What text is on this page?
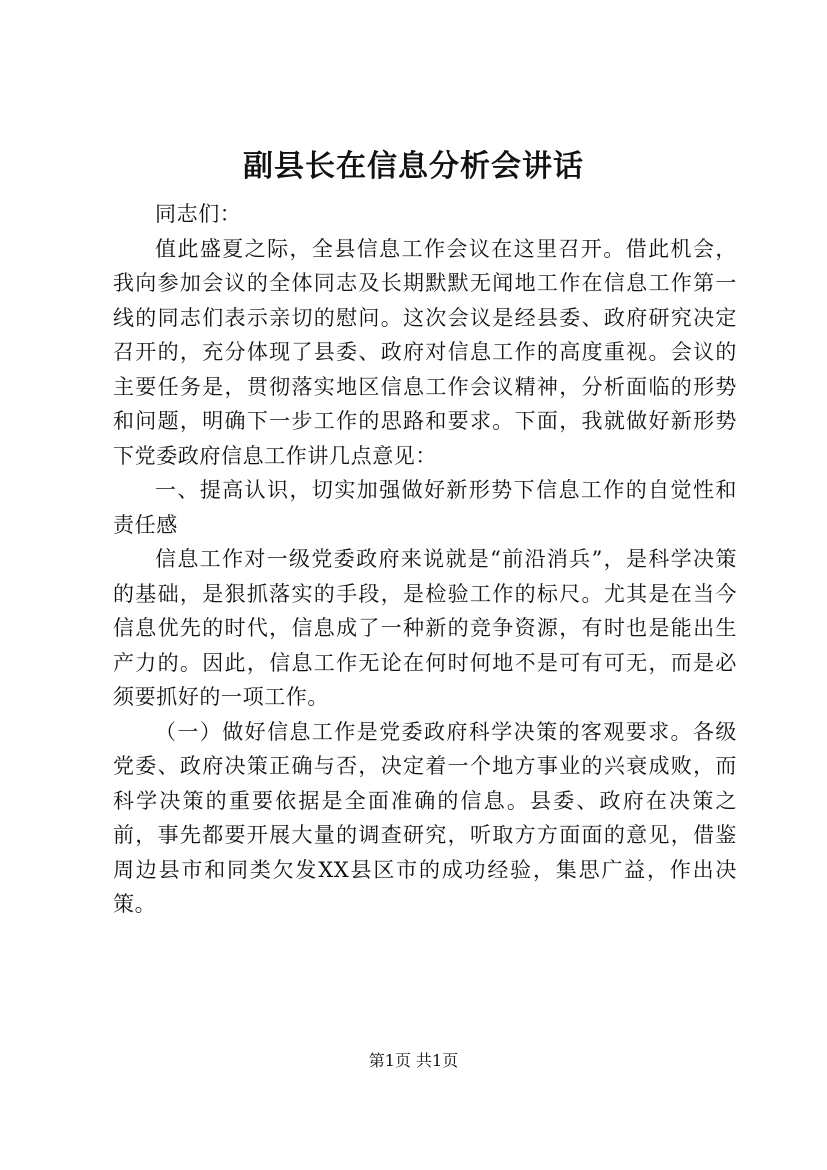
副县长在信息分析会讲话

同志们：

值此盛夏之际，全县信息工作会议在这里召开。借此机会，我向参加会议的全体同志及长期默默无闻地工作在信息工作第一线的同志们表示亲切的慰问。这次会议是经县委、政府研究决定召开的，充分体现了县委、政府对信息工作的高度重视。会议的主要任务是，贯彻落实地区信息工作会议精神，分析面临的形势和问题，明确下一步工作的思路和要求。下面，我就做好新形势下党委政府信息工作讲几点意见：

一、提高认识，切实加强做好新形势下信息工作的自觉性和责任感

信息工作对一级党委政府来说就是“前沿消兵”，是科学决策的基础，是狠抓落实的手段，是检验工作的标尺。尤其是在当今信息优先的时代，信息成了一种新的竞争资源，有时也是能出生产力的。因此，信息工作无论在何时何地不是可有可无，而是必须要抓好的一项工作。

（一）做好信息工作是党委政府科学决策的客观要求。各级党委、政府决策正确与否，决定着一个地方事业的兴衰成败，而科学决策的重要依据是全面准确的信息。县委、政府在决策之前，事先都要开展大量的调查研究，听取方方面面的意见，借鉴周边县市和同类欠发XX县区市的成功经验，集思广益，作出决策。

第1页 共1页
